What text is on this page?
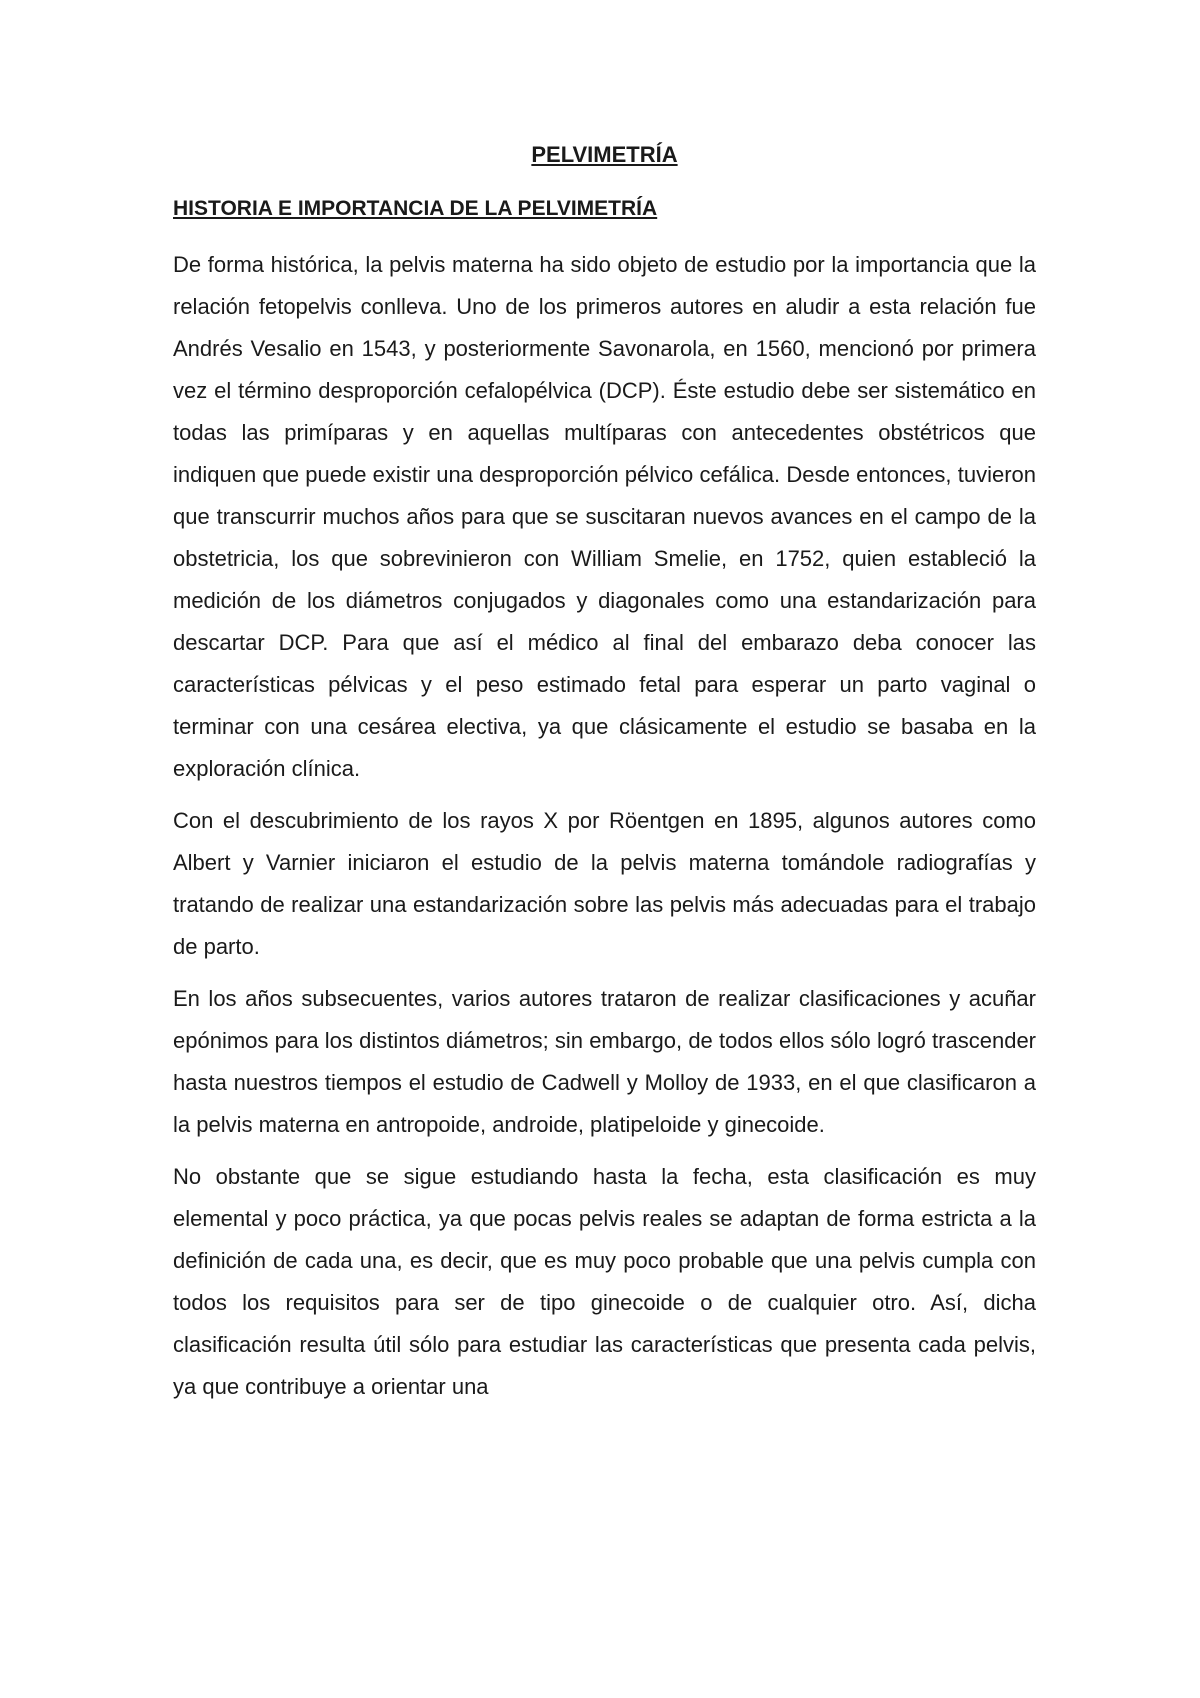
PELVIMETRÍA
HISTORIA E IMPORTANCIA DE LA PELVIMETRÍA

De forma histórica, la pelvis materna ha sido objeto de estudio por la importancia que la relación fetopelvis conlleva. Uno de los primeros autores en aludir a esta relación fue Andrés Vesalio en 1543, y posteriormente Savonarola, en 1560, mencionó por primera vez el término desproporción cefalopélvica (DCP). Éste estudio debe ser sistemático en todas las primíparas y en aquellas multíparas con antecedentes obstétricos que indiquen que puede existir una desproporción pélvico cefálica. Desde entonces, tuvieron que transcurrir muchos años para que se suscitaran nuevos avances en el campo de la obstetricia, los que sobrevinieron con William Smelie, en 1752, quien estableció la medición de los diámetros conjugados y diagonales como una estandarización para descartar DCP. Para que así el médico al final del embarazo deba conocer las características pélvicas y el peso estimado fetal para esperar un parto vaginal o terminar con una cesárea electiva, ya que clásicamente el estudio se basaba en la exploración clínica.

Con el descubrimiento de los rayos X por Röentgen en 1895, algunos autores como Albert y Varnier iniciaron el estudio de la pelvis materna tomándole radiografías y tratando de realizar una estandarización sobre las pelvis más adecuadas para el trabajo de parto.

En los años subsecuentes, varios autores trataron de realizar clasificaciones y acuñar epónimos para los distintos diámetros; sin embargo, de todos ellos sólo logró trascender hasta nuestros tiempos el estudio de Cadwell y Molloy de 1933, en el que clasificaron a la pelvis materna en antropoide, androide, platipeloide y ginecoide.

No obstante que se sigue estudiando hasta la fecha, esta clasificación es muy elemental y poco práctica, ya que pocas pelvis reales se adaptan de forma estricta a la definición de cada una, es decir, que es muy poco probable que una pelvis cumpla con todos los requisitos para ser de tipo ginecoide o de cualquier otro. Así, dicha clasificación resulta útil sólo para estudiar las características que presenta cada pelvis, ya que contribuye a orientar una
